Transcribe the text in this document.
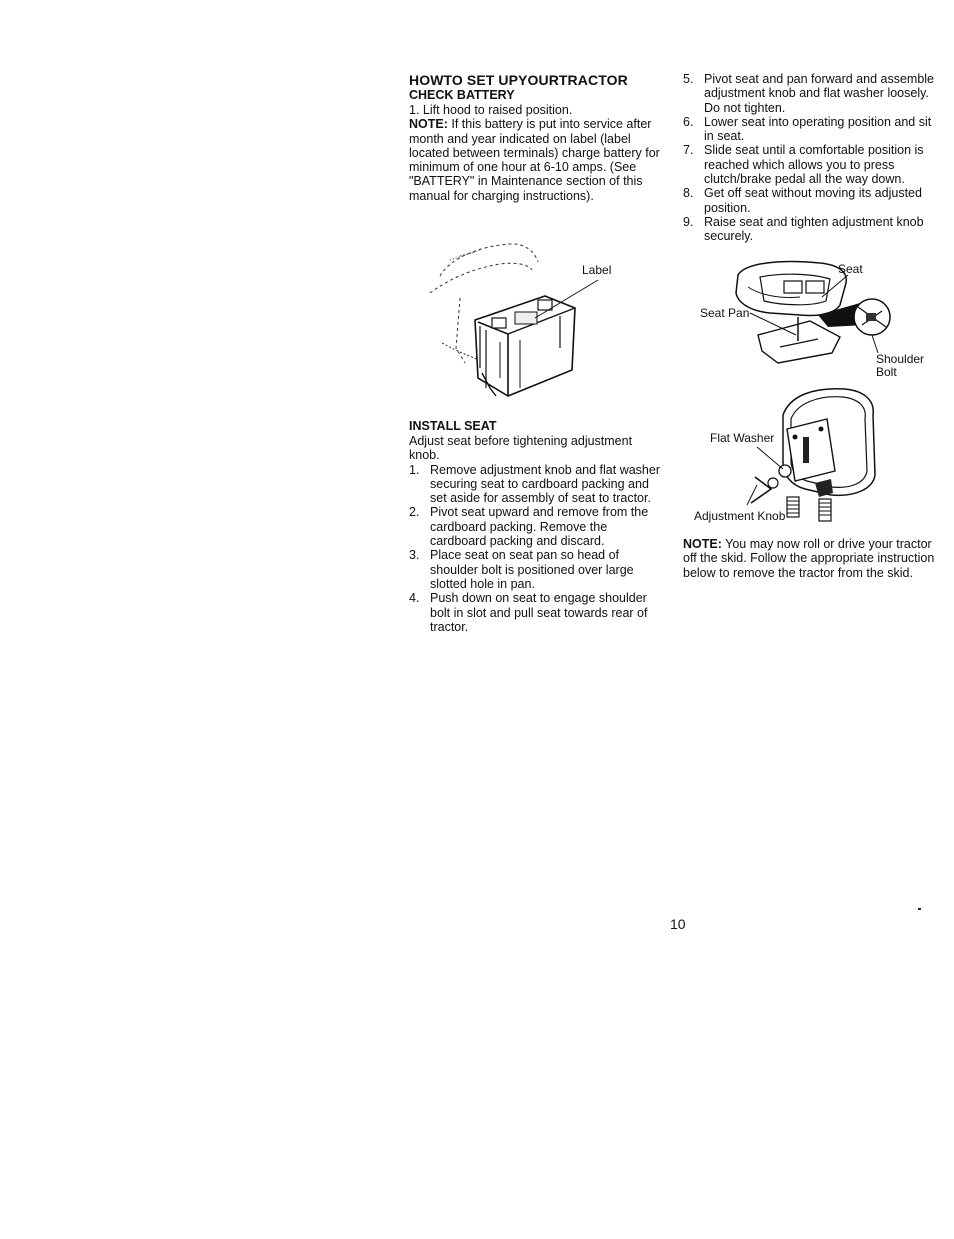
HOWTO SET UPYOURTRACTOR
CHECK BATTERY

1. Lift hood to raised position.

NOTE: If this battery is put into service after month and year indicated on label (label located between terminals) charge battery for minimum of one hour at 6-10 amps. (See "BATTERY" in Maintenance section of this manual for charging instructions).

Label
INSTALL SEAT

Adjust seat before tightening adjustment knob.

1. Remove adjustment knob and flat washer securing seat to cardboard packing and set aside for assembly of seat to tractor.
2. Pivot seat upward and remove from the cardboard packing. Remove the cardboard packing and discard.
3. Place seat on seat pan so head of shoulder bolt is positioned over large slotted hole in pan.
4. Push down on seat to engage shoulder bolt in slot and pull seat towards rear of tractor.
5. Pivot seat and pan forward and assemble adjustment knob and flat washer loosely. Do not tighten.
6. Lower seat into operating position and sit in seat.
7. Slide seat until a comfortable position is reached which allows you to press clutch/brake pedal all the way down.
8. Get off seat without moving its adjusted position.
9. Raise seat and tighten adjustment knob securely.
Seat
Seat Pan
Shoulder
Bolt
Flat Washer
Adjustment Knob

NOTE: You may now roll or drive your tractor off the skid. Follow the appropriate instruction below to remove the tractor from the skid.

10
